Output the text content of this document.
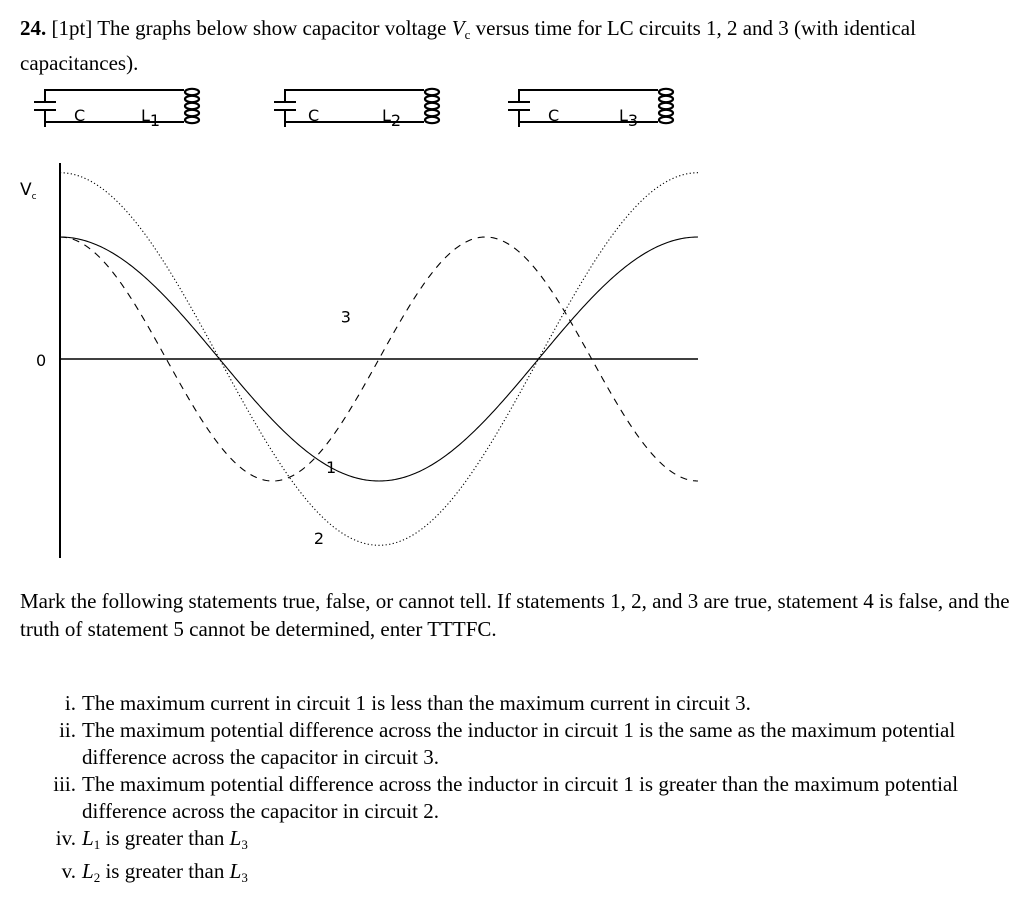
24. [1pt] The graphs below show capacitor voltage $V_c$ versus time for LC circuits 1, 2 and 3 (with identical capacitances).
C	L1	C	L2	C	L3
$V_c$
0
1
2
3
Mark the following statements true, false, or cannot tell. If statements 1, 2, and 3 are true, statement 4 is false, and the truth of statement 5 cannot be determined, enter TTTFC.
i. The maximum current in circuit 1 is less than the maximum current in circuit 3.
ii. The maximum potential difference across the inductor in circuit 1 is the same as the maximum potential difference across the capacitor in circuit 3.
iii. The maximum potential difference across the inductor in circuit 1 is greater than the maximum potential difference across the capacitor in circuit 2.
iv. $L_1$ is greater than $L_3$
v. $L_2$ is greater than $L_3$
